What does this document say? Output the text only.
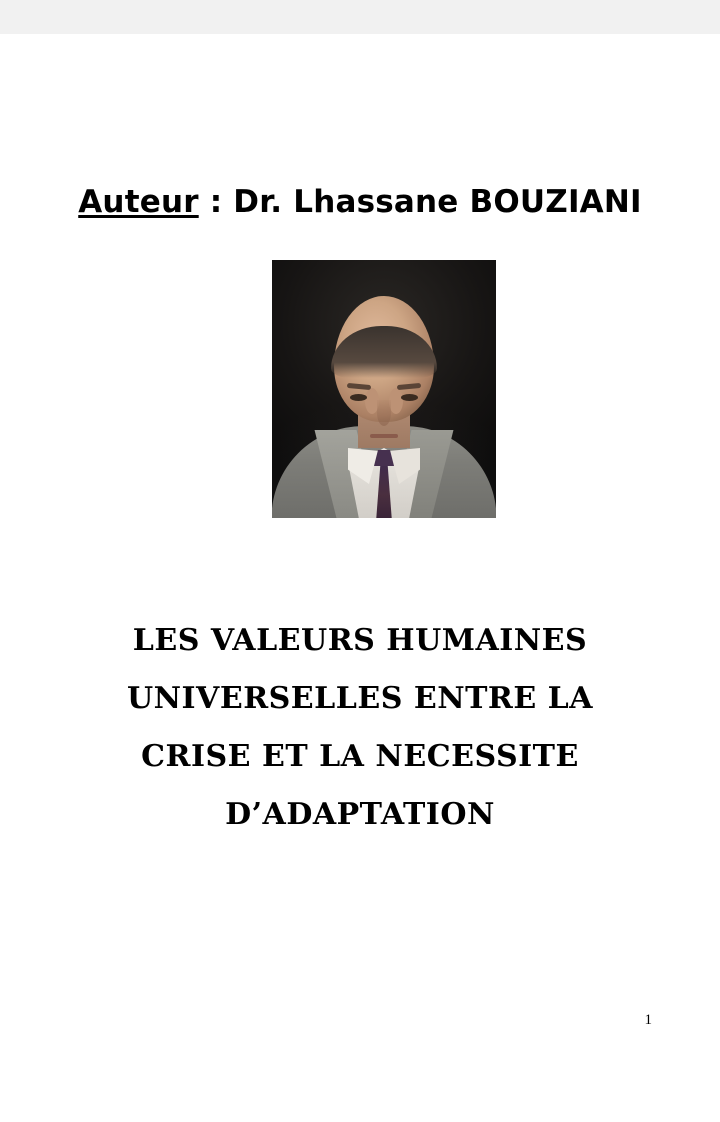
Auteur : Dr. Lhassane BOUZIANI
LES VALEURS HUMAINES
UNIVERSELLES ENTRE LA
CRISE ET LA NECESSITE
D’ADAPTATION
1
